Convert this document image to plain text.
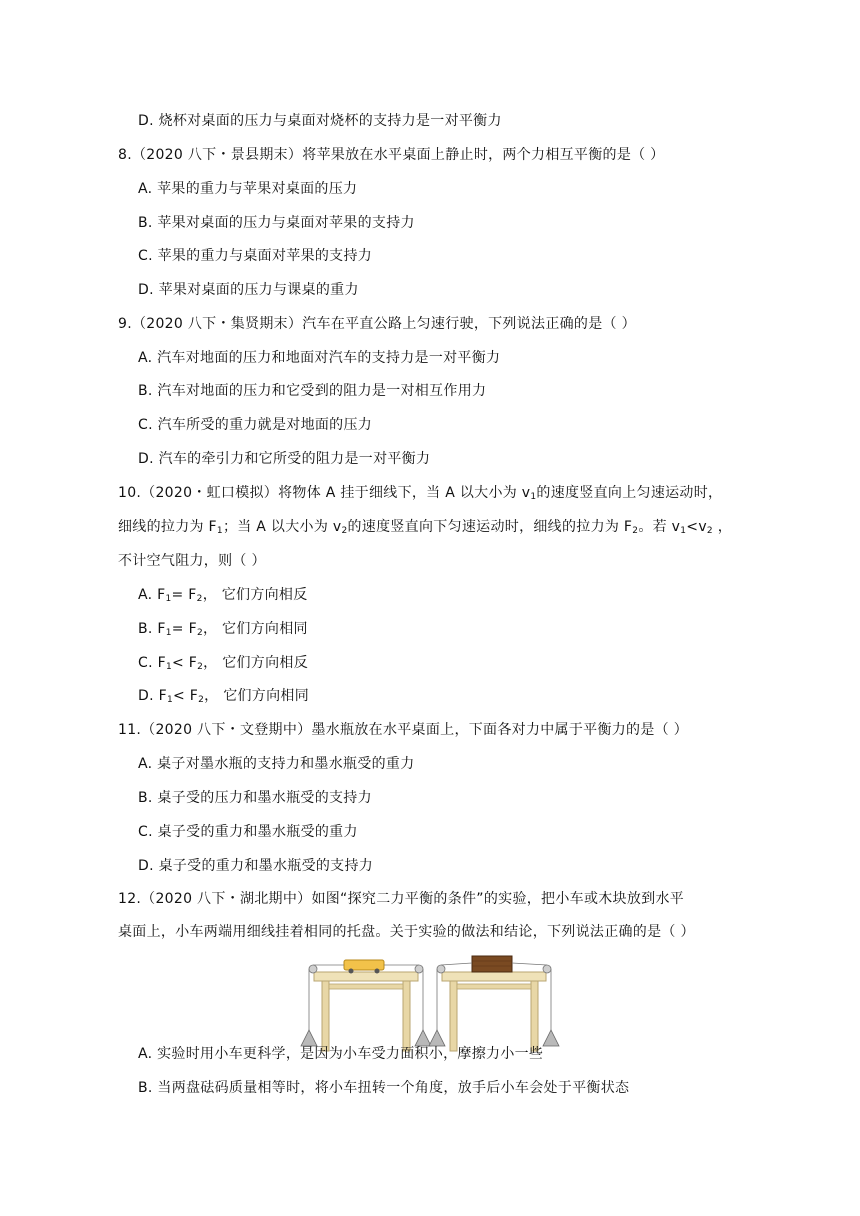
D. 烧杯对桌面的压力与桌面对烧杯的支持力是一对平衡力
8.（2020 八下・景县期末）将苹果放在水平桌面上静止时，两个力相互平衡的是（ ）
A. 苹果的重力与苹果对桌面的压力
B. 苹果对桌面的压力与桌面对苹果的支持力
C. 苹果的重力与桌面对苹果的支持力
D. 苹果对桌面的压力与课桌的重力
9.（2020 八下・集贤期末）汽车在平直公路上匀速行驶，下列说法正确的是（ ）
A. 汽车对地面的压力和地面对汽车的支持力是一对平衡力
B. 汽车对地面的压力和它受到的阻力是一对相互作用力
C. 汽车所受的重力就是对地面的压力
D. 汽车的牵引力和它所受的阻力是一对平衡力
10.（2020・虹口模拟）将物体 A 挂于细线下，当 A 以大小为 $v_1$的速度竖直向上匀速运动时，
细线的拉力为 $F_1$；当 A 以大小为 $v_2$的速度竖直向下匀速运动时，细线的拉力为 $F_2$。若 $v_1<v_2$ ，
不计空气阻力，则（ ）
A. $F_1= F_2$， 它们方向相反
B. $F_1= F_2$， 它们方向相同
C. $F_1< F_2$， 它们方向相反
D. $F_1< F_2$， 它们方向相同
11.（2020 八下・文登期中）墨水瓶放在水平桌面上，下面各对力中属于平衡力的是（ ）
A. 桌子对墨水瓶的支持力和墨水瓶受的重力
B. 桌子受的压力和墨水瓶受的支持力
C. 桌子受的重力和墨水瓶受的重力
D. 桌子受的重力和墨水瓶受的支持力
12.（2020 八下・湖北期中）如图“探究二力平衡的条件”的实验，把小车或木块放到水平
桌面上，小车两端用细线挂着相同的托盘。关于实验的做法和结论，下列说法正确的是（ ）
A. 实验时用小车更科学，是因为小车受力面积小，摩擦力小一些
B. 当两盘砝码质量相等时，将小车扭转一个角度，放手后小车会处于平衡状态
